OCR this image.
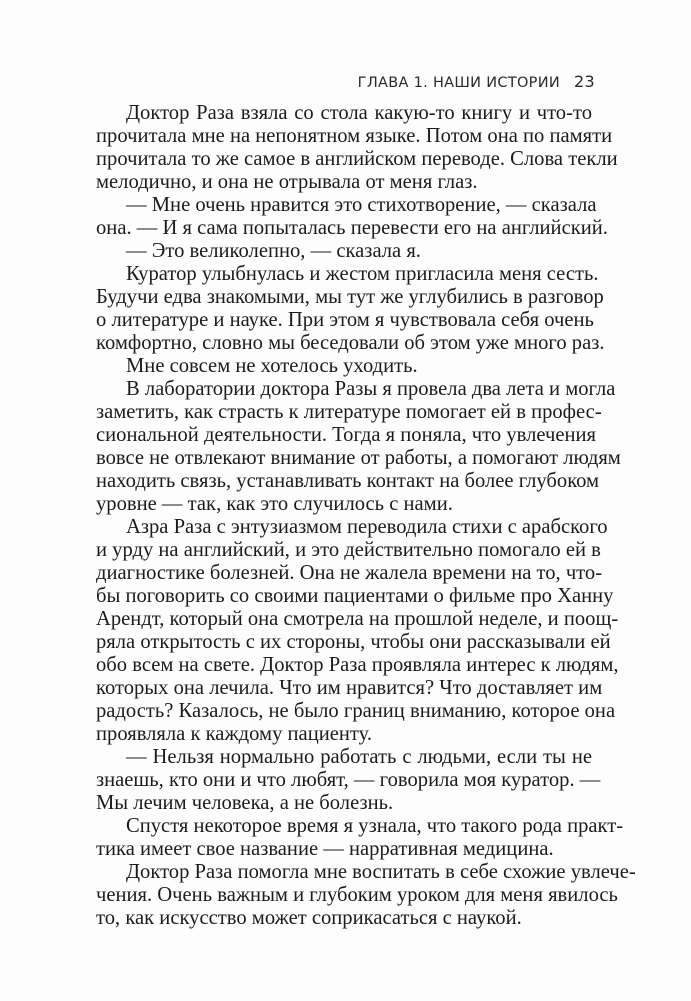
ГЛАВА 1. НАШИ ИСТОРИИ 23
Доктор Раза взяла со стола какую-то книгу и что-то
прочитала мне на непонятном языке. Потом она по памяти
прочитала то же самое в английском переводе. Слова текли
мелодично, и она не отрывала от меня глаз.
— Мне очень нравится это стихотворение, — сказала
она. — И я сама попыталась перевести его на английский.
— Это великолепно, — сказала я.
Куратор улыбнулась и жестом пригласила меня сесть.
Будучи едва знакомыми, мы тут же углубились в разговор
о литературе и науке. При этом я чувствовала себя очень
комфортно, словно мы беседовали об этом уже много раз.
Мне совсем не хотелось уходить.
В лаборатории доктора Разы я провела два лета и могла
заметить, как страсть к литературе помогает ей в профес-
сиональной деятельности. Тогда я поняла, что увлечения
вовсе не отвлекают внимание от работы, а помогают людям
находить связь, устанавливать контакт на более глубоком
уровне — так, как это случилось с нами.
Азра Раза с энтузиазмом переводила стихи с арабского
и урду на английский, и это действительно помогало ей в
диагностике болезней. Она не жалела времени на то, что-
бы поговорить со своими пациентами о фильме про Ханну
Арендт, который она смотрела на прошлой неделе, и поощ-
ряла открытость с их стороны, чтобы они рассказывали ей
обо всем на свете. Доктор Раза проявляла интерес к людям,
которых она лечила. Что им нравится? Что доставляет им
радость? Казалось, не было границ вниманию, которое она
проявляла к каждому пациенту.
— Нельзя нормально работать с людьми, если ты не
знаешь, кто они и что любят, — говорила моя куратор. —
Мы лечим человека, а не болезнь.
Спустя некоторое время я узнала, что такого рода практ-
тика имеет свое название — нарративная медицина.
Доктор Раза помогла мне воспитать в себе схожие увлече-
чения. Очень важным и глубоким уроком для меня явилось
то, как искусство может соприкасаться с наукой.
